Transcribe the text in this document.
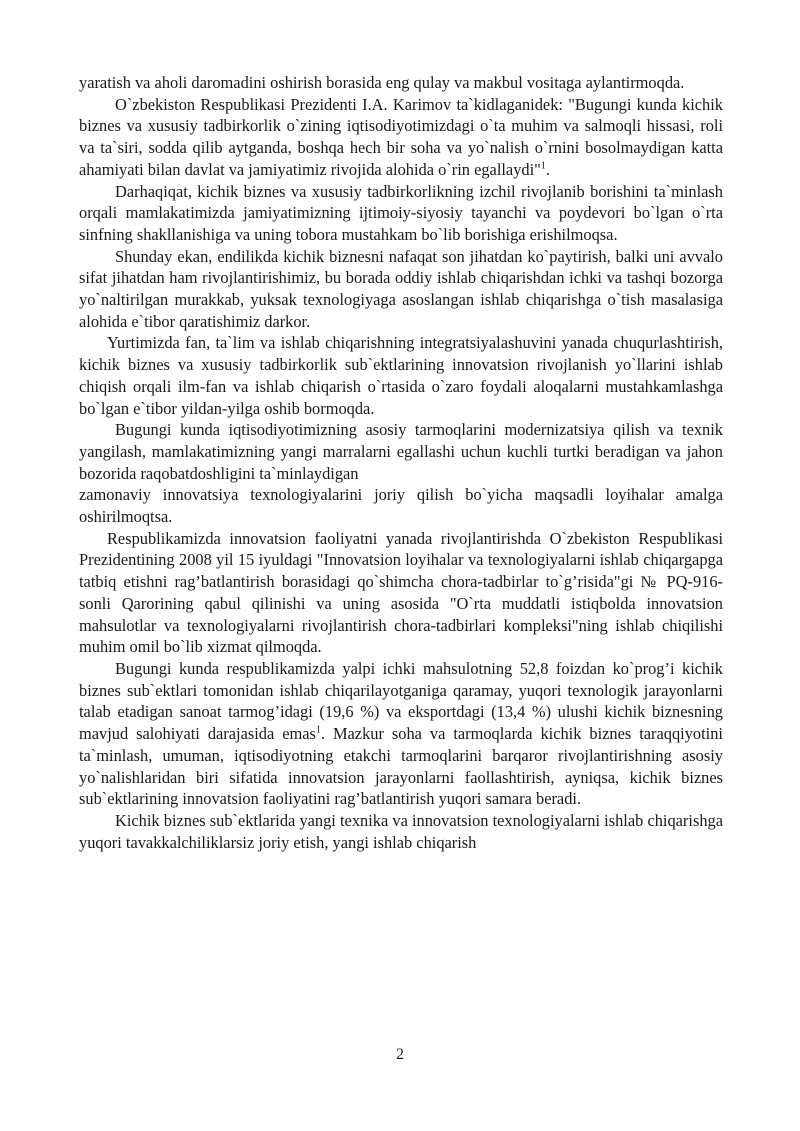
yaratish va aholi daromadini oshirish borasida eng qulay va makbul vositaga aylantirmoqda.

O`zbekiston Respublikasi Prezidenti I.A. Karimov ta`kidlaganidek: "Bugungi kunda kichik biznes va xususiy tadbirkorlik o`zining iqtisodiyotimizdagi o`ta muhim va salmoqli hissasi, roli va ta`siri, sodda qilib aytganda, boshqa hech bir soha va yo`nalish o`rnini bosolmaydigan katta ahamiyati bilan davlat va jamiyatimiz rivojida alohida o`rin egallaydi"$^1$.

Darhaqiqat, kichik biznes va xususiy tadbirkorlikning izchil rivojlanib borishini ta`minlash orqali mamlakatimizda jamiyatimizning ijtimoiy-siyosiy tayanchi va poydevori bo`lgan o`rta sinfning shakllanishiga va uning tobora mustahkam bo`lib borishiga erishilmoqsa.

Shunday ekan, endilikda kichik biznesni nafaqat son jihatdan ko`paytirish, balki uni avvalo sifat jihatdan ham rivojlantirishimiz, bu borada oddiy ishlab chiqarishdan ichki va tashqi bozorga yo`naltirilgan murakkab, yuksak texnologiyaga asoslangan ishlab chiqarishga o`tish masalasiga alohida e`tibor qaratishimiz darkor.

Yurtimizda fan, ta`lim va ishlab chiqarishning integratsiyalashuvini yanada chuqurlashtirish, kichik biznes va xususiy tadbirkorlik sub`ektlarining innovatsion rivojlanish yo`llarini ishlab chiqish orqali ilm-fan va ishlab chiqarish o`rtasida o`zaro foydali aloqalarni mustahkamlashga bo`lgan e`tibor yildan-yilga oshib bormoqda.

Bugungi kunda iqtisodiyotimizning asosiy tarmoqlarini modernizatsiya qilish va texnik yangilash, mamlakatimizning yangi marralarni egallashi uchun kuchli turtki beradigan va jahon bozorida raqobatdoshligini ta`minlaydigan

zamonaviy innovatsiya texnologiyalarini joriy qilish bo`yicha maqsadli loyihalar amalga oshirilmoqtsa.

Respublikamizda innovatsion faoliyatni yanada rivojlantirishda O`zbekiston Respublikasi Prezidentining 2008 yil 15 iyuldagi "Innovatsion loyihalar va texnologiyalarni ishlab chiqargapga tatbiq etishni rag’batlantirish borasidagi qo`shimcha chora-tadbirlar to`g’risida"gi № PQ-916-sonli Qarorining qabul qilinishi va uning asosida "O`rta muddatli istiqbolda innovatsion mahsulotlar va texnologiyalarni rivojlantirish chora-tadbirlari kompleksi"ning ishlab chiqilishi muhim omil bo`lib xizmat qilmoqda.

Bugungi kunda respublikamizda yalpi ichki mahsulotning 52,8 foizdan ko`prog’i kichik biznes sub`ektlari tomonidan ishlab chiqarilayotganiga qaramay, yuqori texnologik jarayonlarni talab etadigan sanoat tarmog’idagi (19,6 %) va eksportdagi (13,4 %) ulushi kichik biznesning mavjud salohiyati darajasida emas$^1$. Mazkur soha va tarmoqlarda kichik biznes taraqqiyotini ta`minlash, umuman, iqtisodiyotning etakchi tarmoqlarini barqaror rivojlantirishning asosiy yo`nalishlaridan biri sifatida innovatsion jarayonlarni faollashtirish, ayniqsa, kichik biznes sub`ektlarining innovatsion faoliyatini rag’batlantirish yuqori samara beradi.

Kichik biznes sub`ektlarida yangi texnika va innovatsion texnologiyalarni ishlab chiqarishga yuqori tavakkalchiliklarsiz joriy etish, yangi ishlab chiqarish

2
